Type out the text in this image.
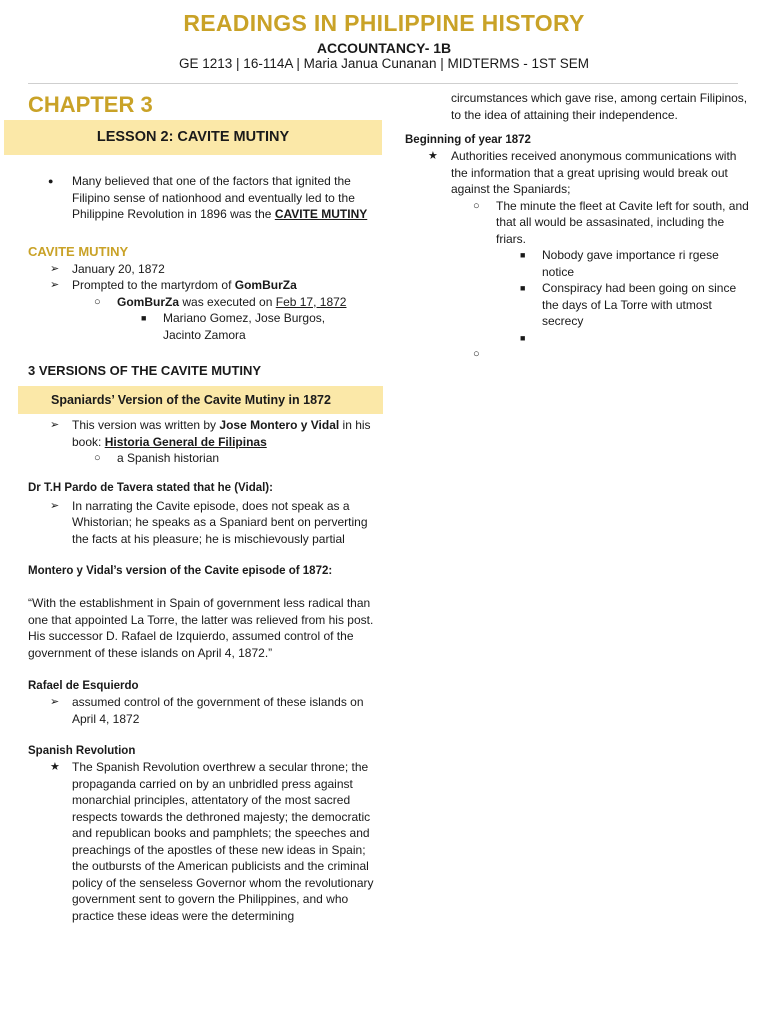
READINGS IN PHILIPPINE HISTORY
ACCOUNTANCY- 1B
GE 1213 | 16-114A | Maria Janua Cunanan | MIDTERMS - 1ST SEM
CHAPTER 3
LESSON 2: CAVITE MUTINY
● Many believed that one of the factors that ignited the Filipino sense of nationhood and eventually led to the Philippine Revolution in 1896 was the CAVITE MUTINY
CAVITE MUTINY
➢ January 20, 1872
➢ Prompted to the martyrdom of GomBurZa
○ GomBurZa was executed on Feb 17, 1872
■ Mariano Gomez, Jose Burgos, Jacinto Zamora
3 VERSIONS OF THE CAVITE MUTINY
Spaniards’ Version of the Cavite Mutiny in 1872
➢ This version was written by Jose Montero y Vidal in his book: Historia General de Filipinas
○ a Spanish historian
Dr T.H Pardo de Tavera stated that he (Vidal):
➢ In narrating the Cavite episode, does not speak as a Whistorian; he speaks as a Spaniard bent on perverting the facts at his pleasure; he is mischievously partial
Montero y Vidal’s version of the Cavite episode of 1872:

“With the establishment in Spain of government less radical than one that appointed La Torre, the latter was relieved from his post. His successor D. Rafael de Izquierdo, assumed control of the government of these islands on April 4, 1872.”

Rafael de Esquierdo
➢ assumed control of the government of these islands on April 4, 1872
Spanish Revolution
★ The Spanish Revolution overthrew a secular throne; the propaganda carried on by an unbridled press against monarchial principles, attentatory of the most sacred respects towards the dethroned majesty; the democratic and republican books and pamphlets; the speeches and preachings of the apostles of these new ideas in Spain; the outbursts of the American publicists and the criminal policy of the senseless Governor whom the revolutionary government sent to govern the Philippines, and who practice these ideas were the determining

circumstances which gave rise, among certain Filipinos, to the idea of attaining their independence.

Beginning of year 1872
★ Authorities received anonymous communications with the information that a great uprising would break out against the Spaniards;
○ The minute the fleet at Cavite left for south, and that all would be assasinated, including the friars.
■ Nobody gave importance ri rgese notice
■ Conspiracy had been going on since the days of La Torre with utmost secrecy
■
○
